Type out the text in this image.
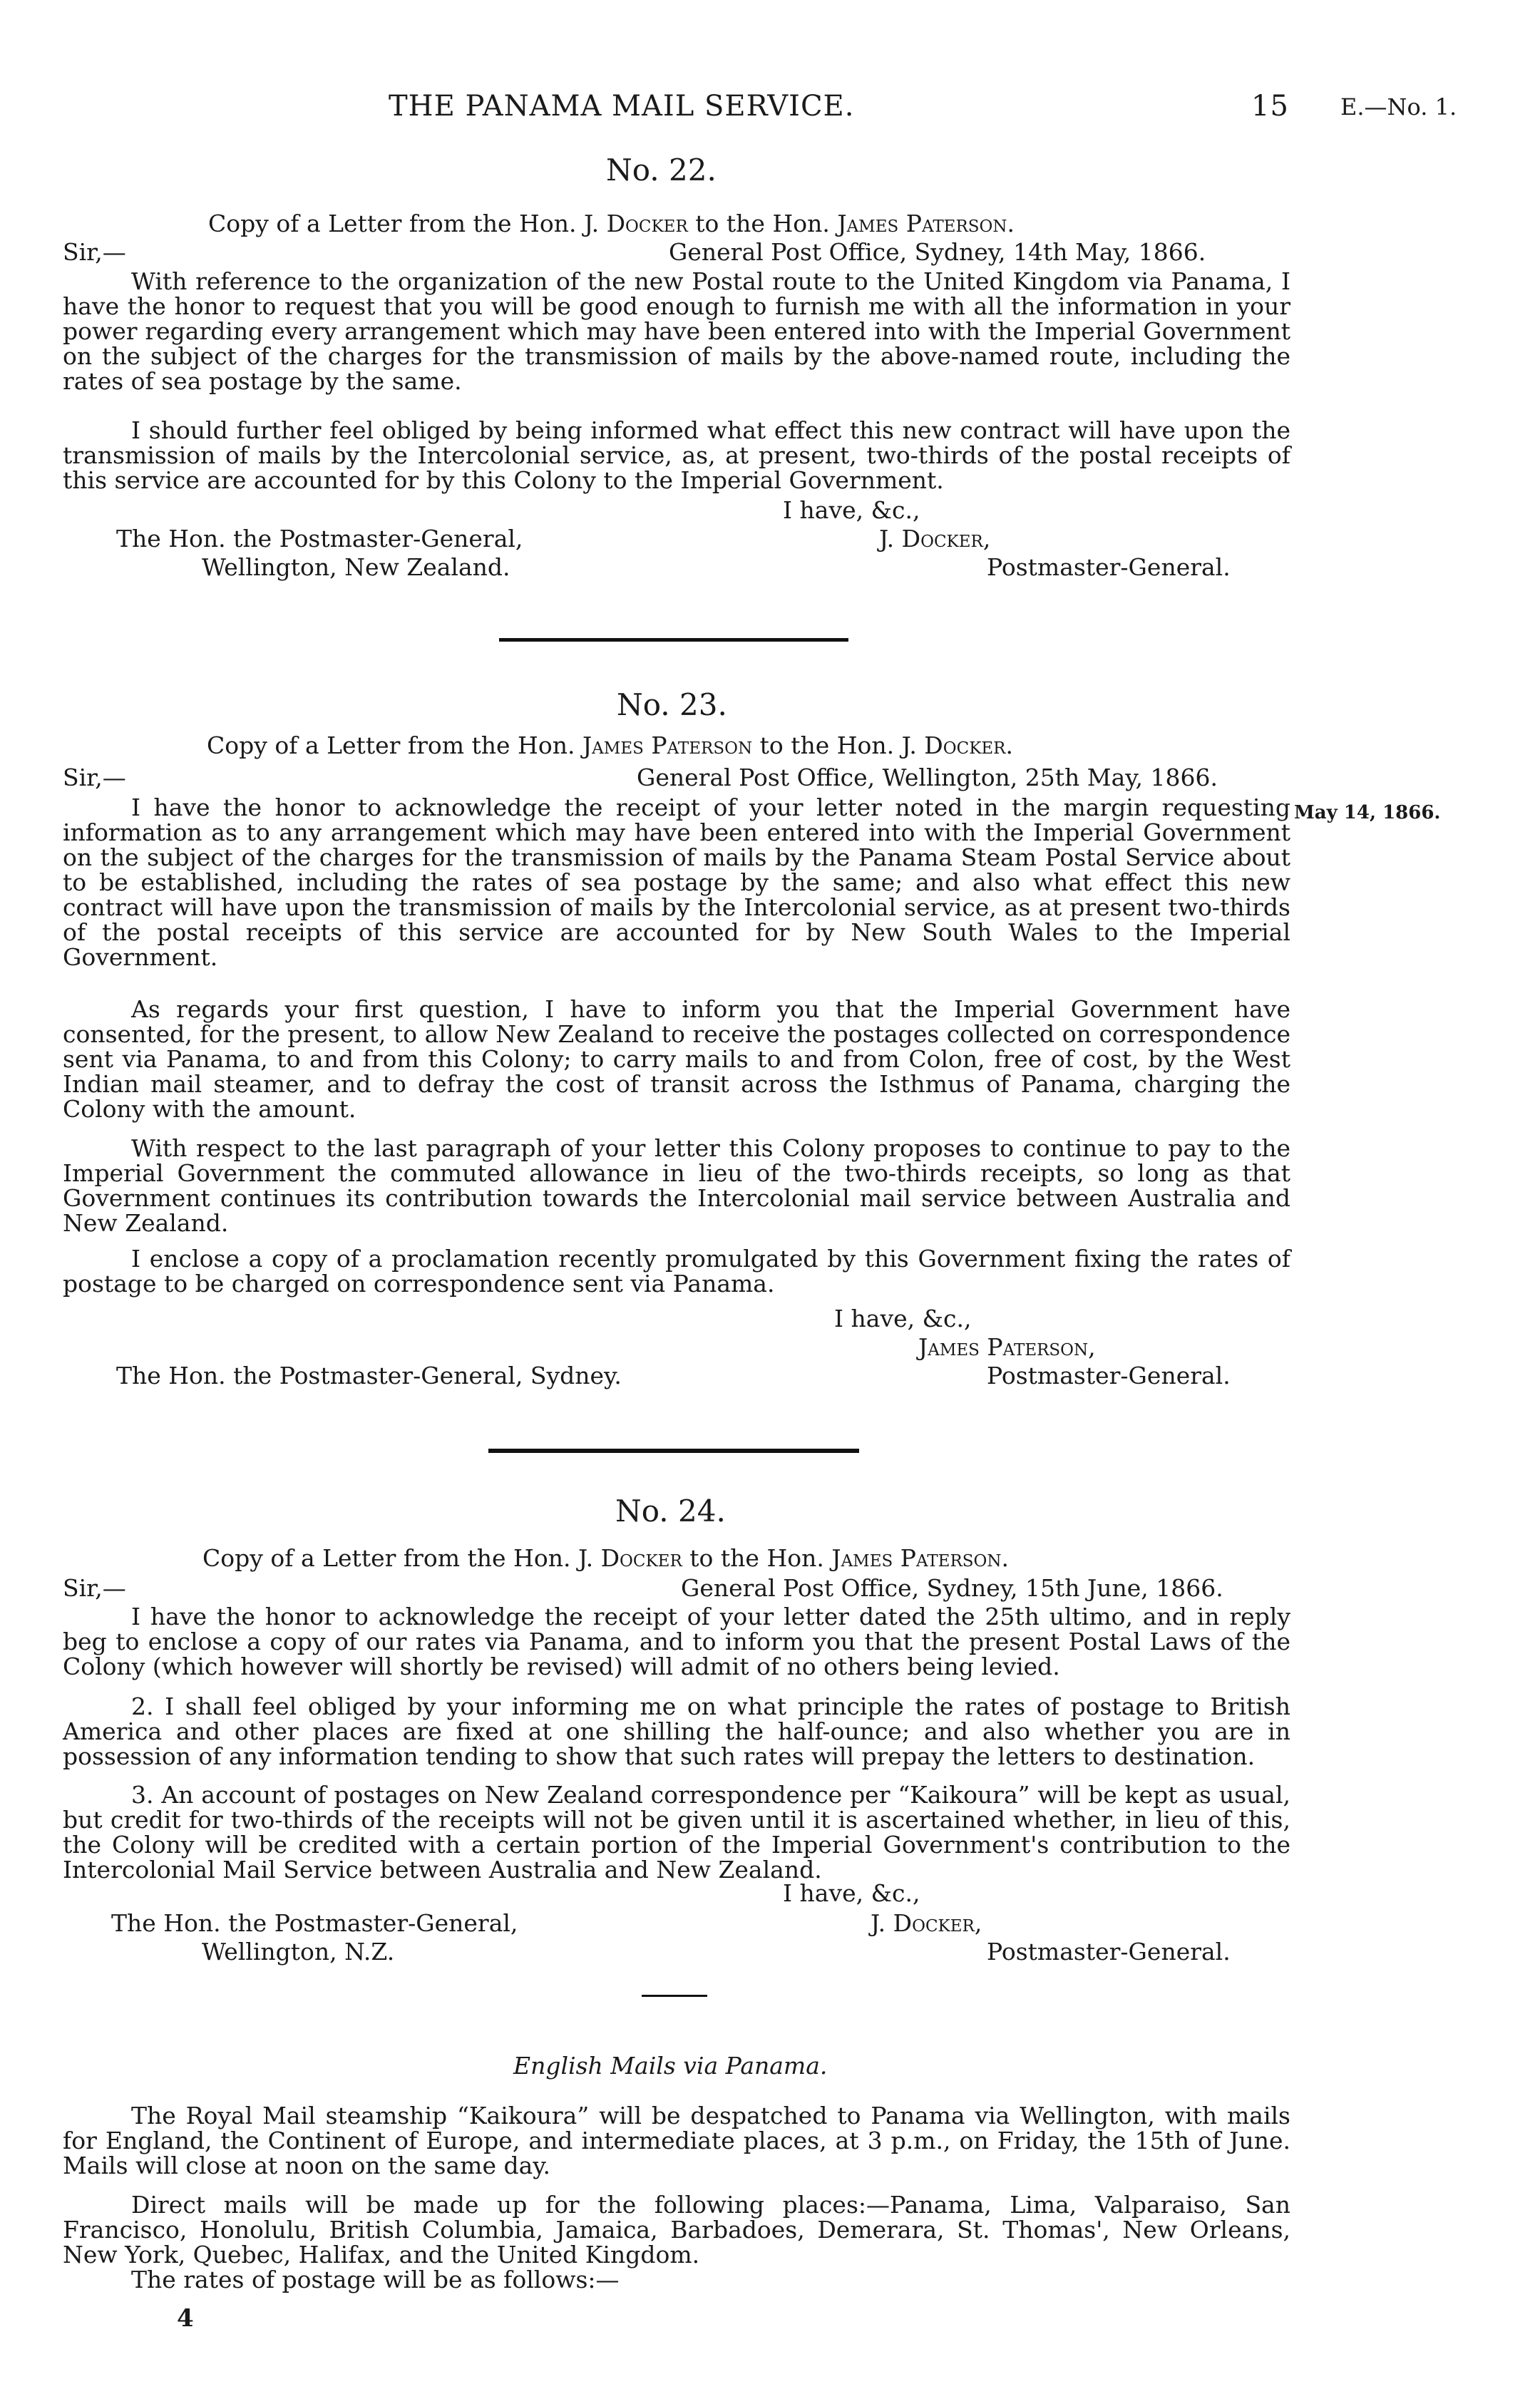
THE PANAMA MAIL SERVICE.	15 E.—No. 1.
No. 22.
Copy of a Letter from the Hon. J. Docker to the Hon. James Paterson.
Sir,—	General Post Office, Sydney, 14th May, 1866.

With reference to the organization of the new Postal route to the United Kingdom via Panama, I have the honor to request that you will be good enough to furnish me with all the information in your power regarding every arrangement which may have been entered into with the Imperial Government on the subject of the charges for the transmission of mails by the above-named route, including the rates of sea postage by the same.

I should further feel obliged by being informed what effect this new contract will have upon the transmission of mails by the Intercolonial service, as, at present, two-thirds of the postal receipts of this service are accounted for by this Colony to the Imperial Government.

I have, &c.,
The Hon. the Postmaster-General,
Wellington, New Zealand.
J. Docker,
Postmaster-General.
No. 23.
Copy of a Letter from the Hon. James Paterson to the Hon. J. Docker.
Sir,—	General Post Office, Wellington, 25th May, 1866.
May 14, 1866.

I have the honor to acknowledge the receipt of your letter noted in the margin requesting information as to any arrangement which may have been entered into with the Imperial Government on the subject of the charges for the transmission of mails by the Panama Steam Postal Service about to be established, including the rates of sea postage by the same; and also what effect this new contract will have upon the transmission of mails by the Intercolonial service, as at present two-thirds of the postal receipts of this service are accounted for by New South Wales to the Imperial Government.

As regards your first question, I have to inform you that the Imperial Government have consented, for the present, to allow New Zealand to receive the postages collected on correspondence sent via Panama, to and from this Colony; to carry mails to and from Colon, free of cost, by the West Indian mail steamer, and to defray the cost of transit across the Isthmus of Panama, charging the Colony with the amount.

With respect to the last paragraph of your letter this Colony proposes to continue to pay to the Imperial Government the commuted allowance in lieu of the two-thirds receipts, so long as that Government continues its contribution towards the Intercolonial mail service between Australia and New Zealand.

I enclose a copy of a proclamation recently promulgated by this Government fixing the rates of postage to be charged on correspondence sent via Panama.

I have, &c.,
James Paterson,
The Hon. the Postmaster-General, Sydney.	Postmaster-General.
No. 24.
Copy of a Letter from the Hon. J. Docker to the Hon. James Paterson.
Sir,—	General Post Office, Sydney, 15th June, 1866.

I have the honor to acknowledge the receipt of your letter dated the 25th ultimo, and in reply beg to enclose a copy of our rates via Panama, and to inform you that the present Postal Laws of the Colony (which however will shortly be revised) will admit of no others being levied.

2. I shall feel obliged by your informing me on what principle the rates of postage to British America and other places are fixed at one shilling the half-ounce; and also whether you are in possession of any information tending to show that such rates will prepay the letters to destination.

3. An account of postages on New Zealand correspondence per “Kaikoura” will be kept as usual, but credit for two-thirds of the receipts will not be given until it is ascertained whether, in lieu of this, the Colony will be credited with a certain portion of the Imperial Government's contribution to the Intercolonial Mail Service between Australia and New Zealand.

I have, &c.,
The Hon. the Postmaster-General,
Wellington, N.Z.
J. Docker,
Postmaster-General.
English Mails via Panama.

The Royal Mail steamship “Kaikoura” will be despatched to Panama via Wellington, with mails for England, the Continent of Europe, and intermediate places, at 3 p.m., on Friday, the 15th of June. Mails will close at noon on the same day.

Direct mails will be made up for the following places:—Panama, Lima, Valparaiso, San Francisco, Honolulu, British Columbia, Jamaica, Barbadoes, Demerara, St. Thomas', New Orleans, New York, Quebec, Halifax, and the United Kingdom.

The rates of postage will be as follows:—

4
